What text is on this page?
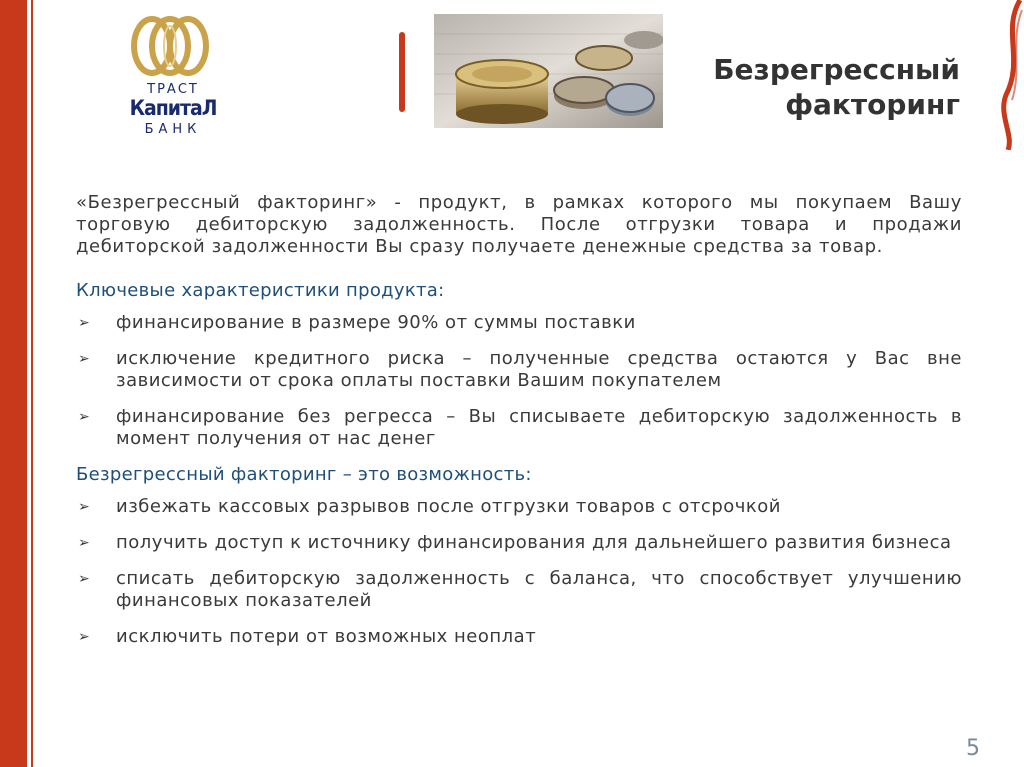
ТРАСТ
КапитаЛ
БАНК
Безрегрессный
факторинг

«Безрегрессный факторинг» - продукт, в рамках которого мы покупаем Вашу торговую дебиторскую задолженность. После отгрузки товара и продажи дебиторской задолженности Вы сразу получаете денежные средства за товар.

Ключевые характеристики продукта:
➢ финансирование в размере 90% от суммы поставки
➢ исключение кредитного риска – полученные средства остаются у Вас вне зависимости от срока оплаты поставки Вашим покупателем
➢ финансирование без регресса – Вы списываете дебиторскую задолженность в момент получения от нас денег
Безрегрессный факторинг – это возможность:
➢ избежать кассовых разрывов после отгрузки товаров с отсрочкой
➢ получить доступ к источнику финансирования для дальнейшего развития бизнеса
➢ списать дебиторскую задолженность с баланса, что способствует улучшению финансовых показателей
➢ исключить потери от возможных неоплат
5
